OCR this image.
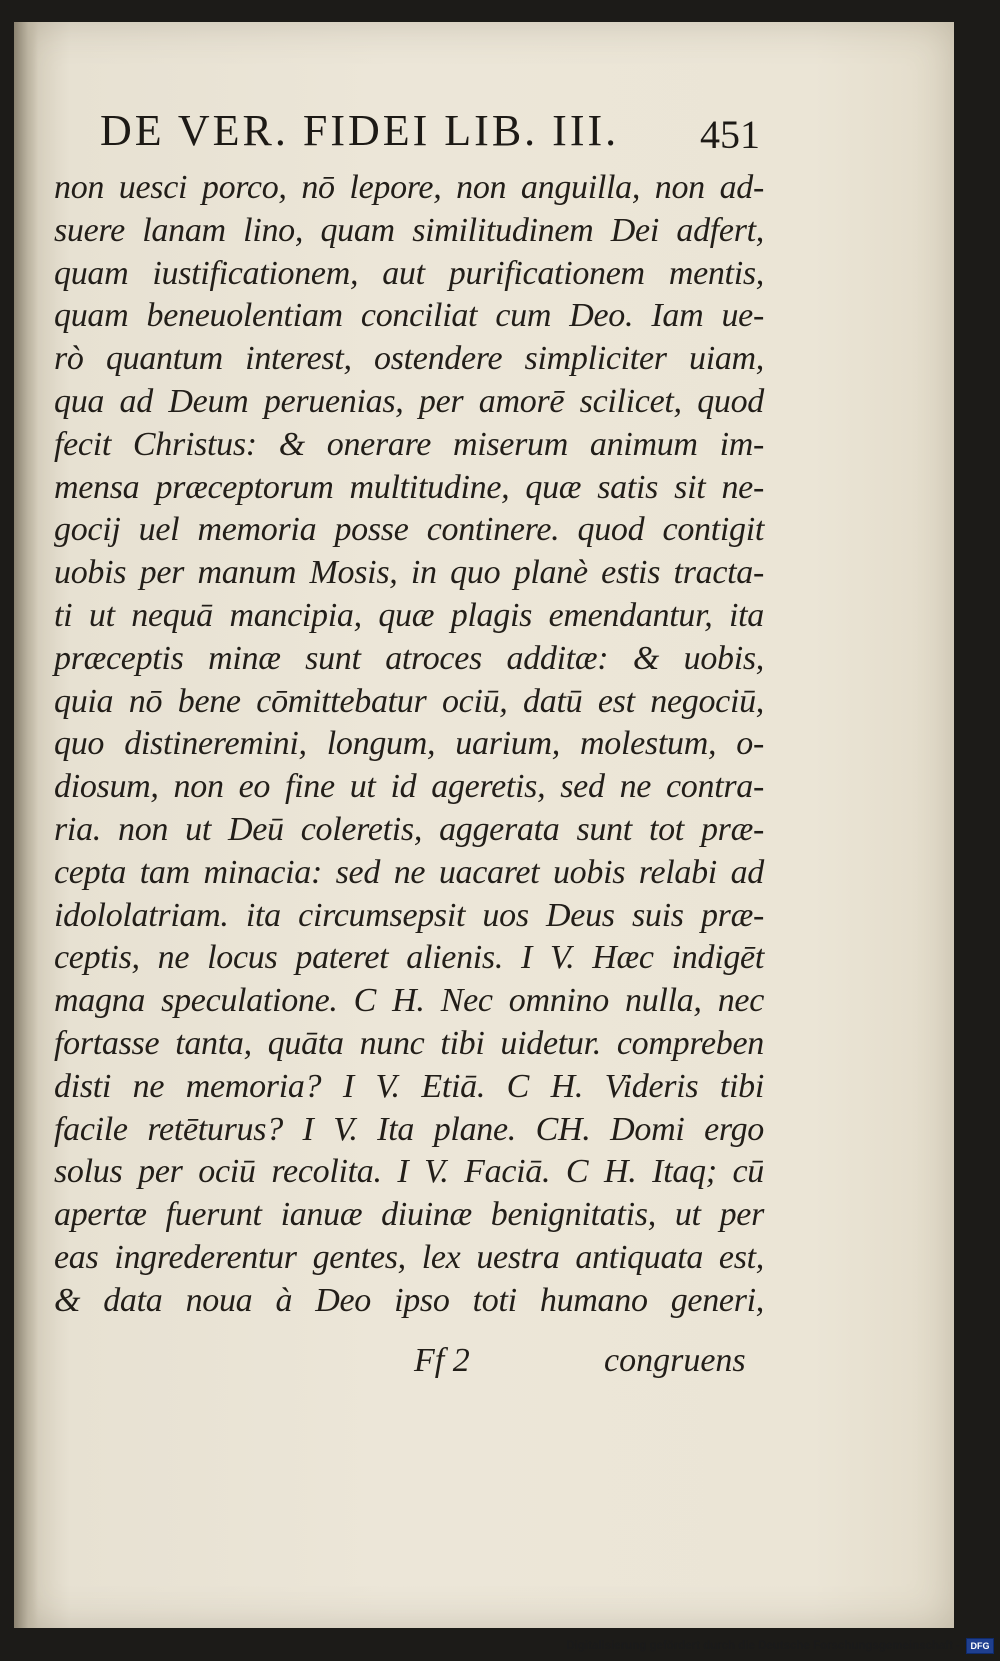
DE VER. FIDEI LIB. III. 451
non uesci porco, nō lepore, non anguilla, non ad-
suere lanam lino, quam similitudinem Dei adfert,
quam iustificationem, aut purificationem mentis,
quam beneuolentiam conciliat cum Deo. Iam ue-
rò quantum interest, ostendere simpliciter uiam,
qua ad Deum peruenias, per amorē scilicet, quod
fecit Christus: & onerare miserum animum im-
mensa præceptorum multitudine, quæ satis sit ne-
gocij uel memoria posse continere. quod contigit
uobis per manum Mosis, in quo planè estis tracta-
ti ut nequā mancipia, quæ plagis emendantur, ita
præceptis minæ sunt atroces additæ: & uobis,
quia nō bene cōmittebatur ociū, datū est negociū,
quo distineremini, longum, uarium, molestum, o-
diosum, non eo fine ut id ageretis, sed ne contra-
ria. non ut Deū coleretis, aggerata sunt tot præ-
cepta tam minacia: sed ne uacaret uobis relabi ad
idololatriam. ita circumsepsit uos Deus suis præ-
ceptis, ne locus pateret alienis. I V. Hæc indigēt
magna speculatione. C H. Nec omnino nulla, nec
fortasse tanta, quāta nunc tibi uidetur. compreben
disti ne memoria? I V. Etiā. C H. Videris tibi
facile retēturus? I V. Ita plane. CH. Domi ergo
solus per ociū recolita. I V. Faciā. C H. Itaq; cū
apertæ fuerunt ianuæ diuinæ benignitatis, ut per
eas ingrederentur gentes, lex uestra antiquata est,
& data noua à Deo ipso toti humano generi,
Ff 2	congruens
Digitalisierung gefördert durch die Deutsche Forschungsgemeinschaft -	DFG
